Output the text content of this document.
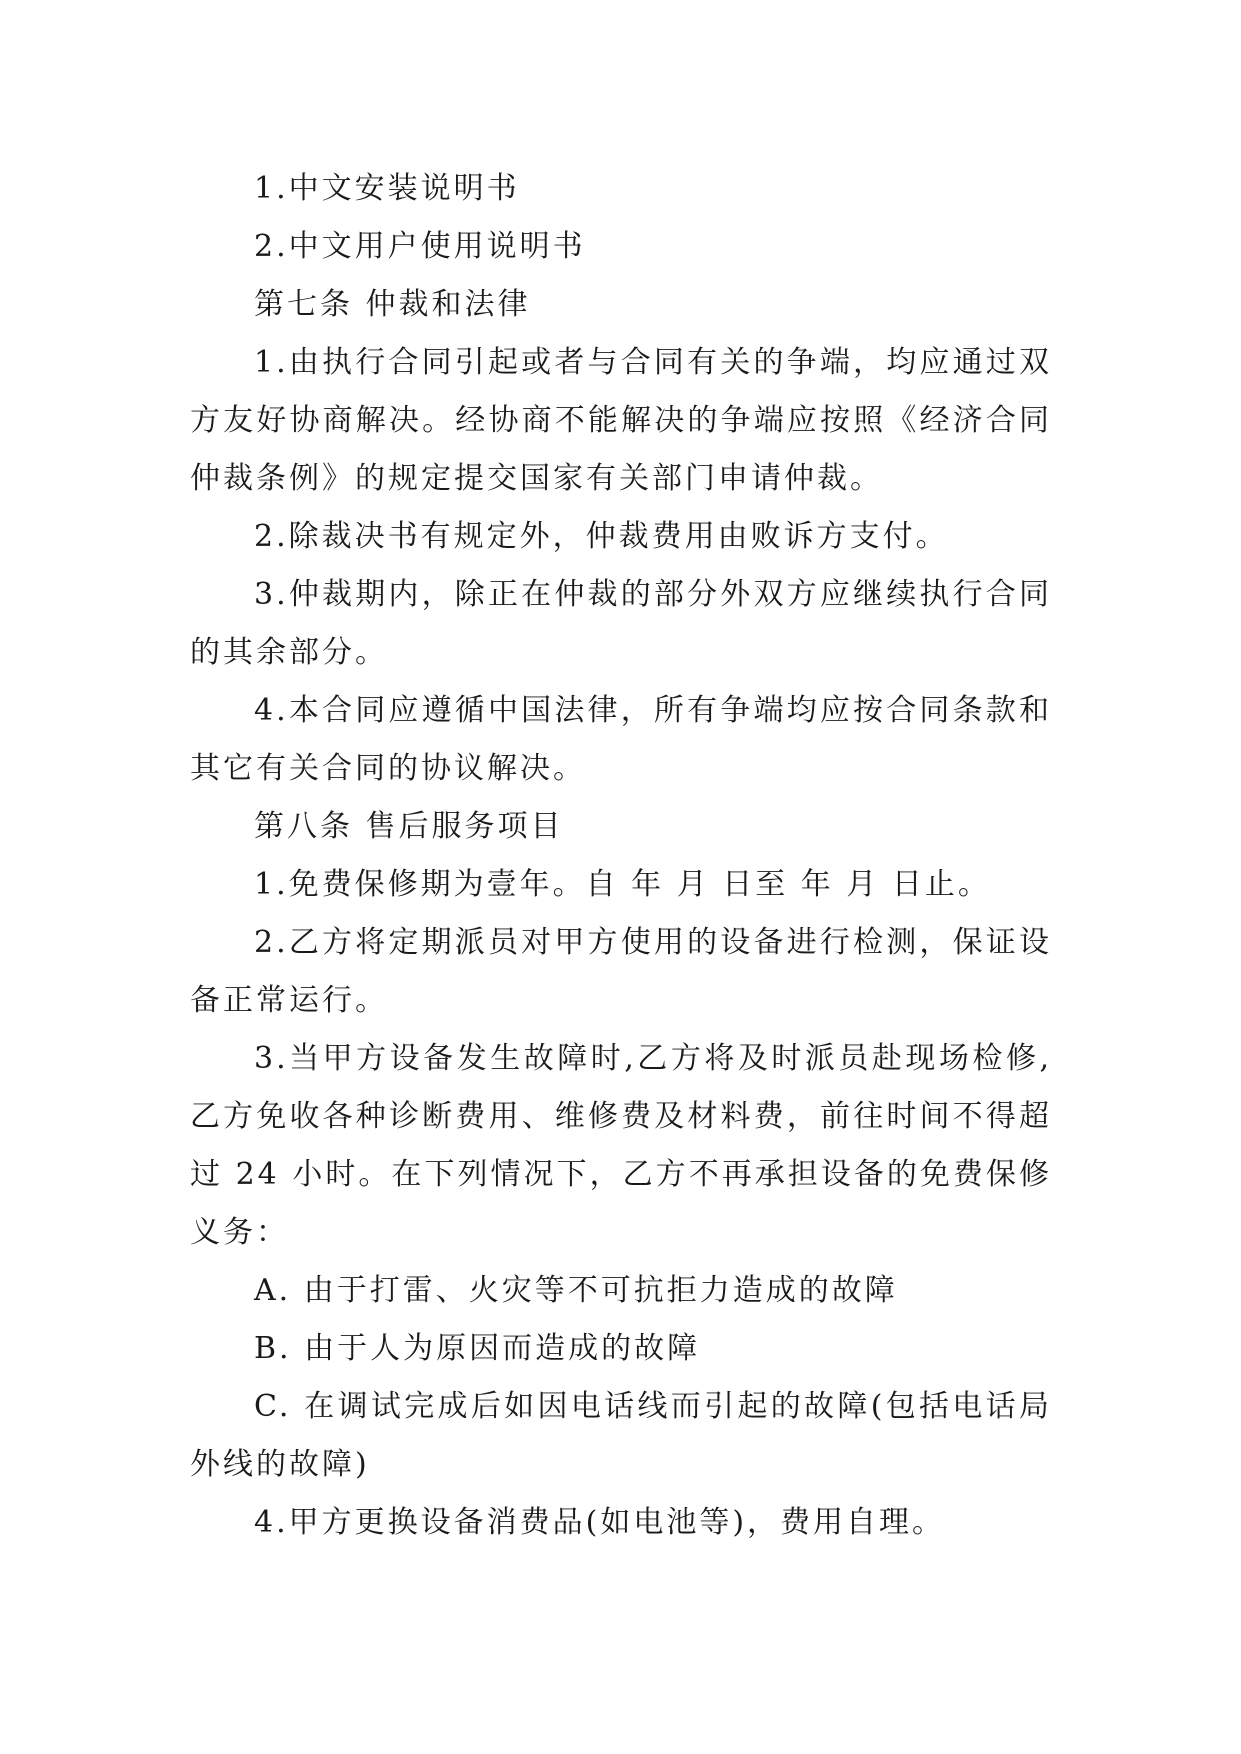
1.中文安装说明书

2.中文用户使用说明书

第七条 仲裁和法律

1.由执行合同引起或者与合同有关的争端，均应通过双方友好协商解决。经协商不能解决的争端应按照《经济合同仲裁条例》的规定提交国家有关部门申请仲裁。

2.除裁决书有规定外，仲裁费用由败诉方支付。

3.仲裁期内，除正在仲裁的部分外双方应继续执行合同的其余部分。

4.本合同应遵循中国法律，所有争端均应按合同条款和其它有关合同的协议解决。

第八条 售后服务项目

1.免费保修期为壹年。自 年 月 日至 年 月 日止。

2.乙方将定期派员对甲方使用的设备进行检测，保证设备正常运行。

3.当甲方设备发生故障时,乙方将及时派员赴现场检修,乙方免收各种诊断费用、维修费及材料费，前往时间不得超过 24 小时。在下列情况下，乙方不再承担设备的免费保修义务：

A. 由于打雷、火灾等不可抗拒力造成的故障

B. 由于人为原因而造成的故障

C. 在调试完成后如因电话线而引起的故障(包括电话局外线的故障)

4.甲方更换设备消费品(如电池等)，费用自理。
